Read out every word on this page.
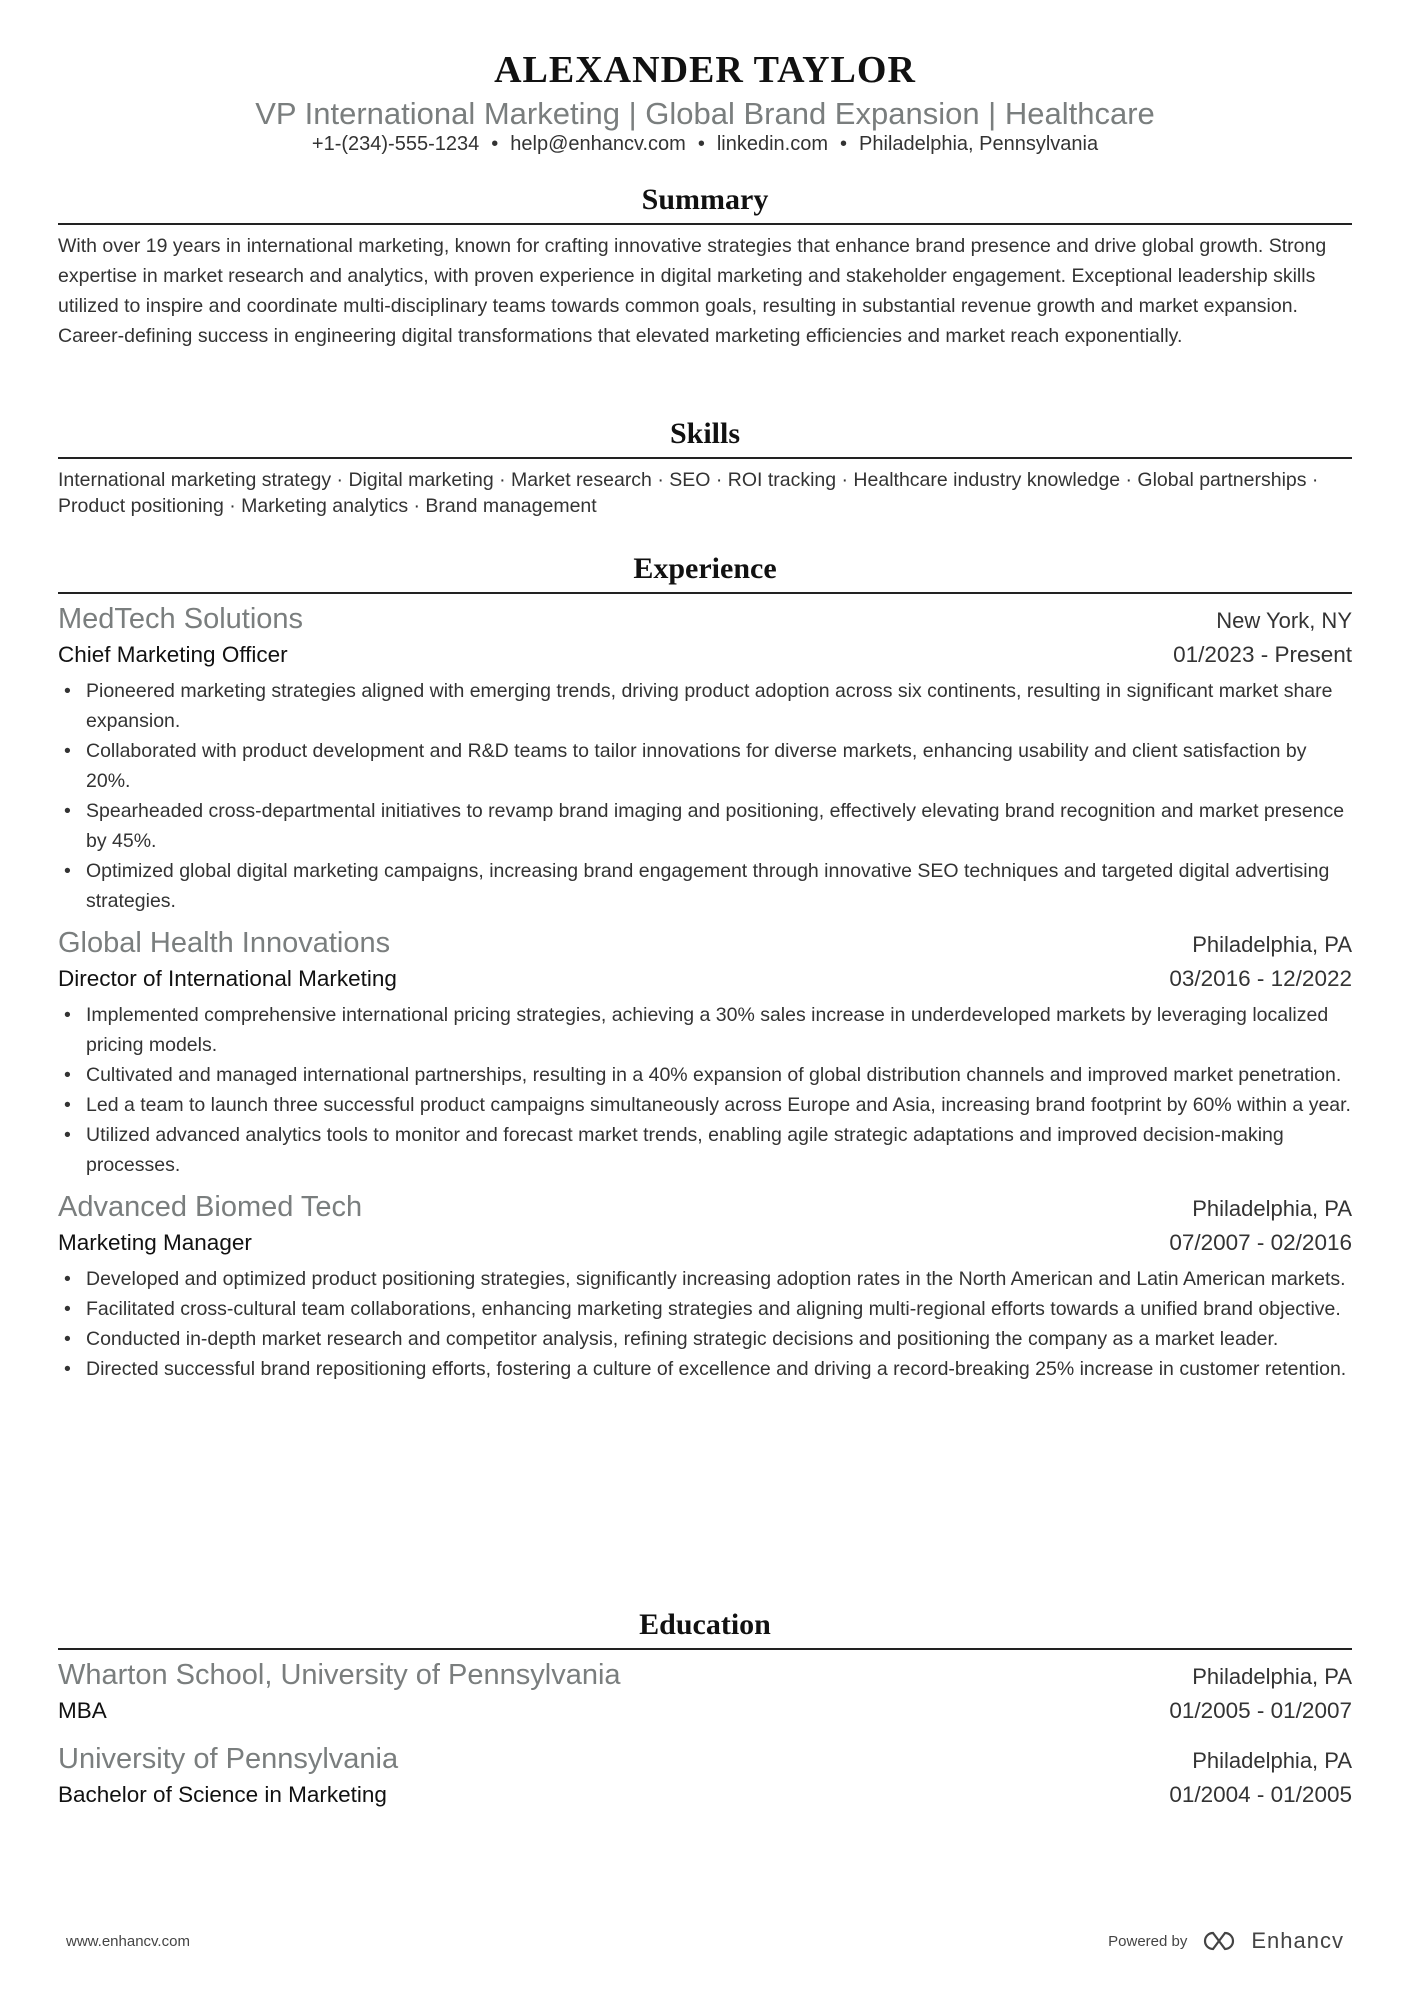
ALEXANDER TAYLOR
VP International Marketing | Global Brand Expansion | Healthcare
+1-(234)-555-1234 • help@enhancv.com • linkedin.com • Philadelphia, Pennsylvania
Summary
With over 19 years in international marketing, known for crafting innovative strategies that enhance brand presence and drive global growth. Strong expertise in market research and analytics, with proven experience in digital marketing and stakeholder engagement. Exceptional leadership skills utilized to inspire and coordinate multi-disciplinary teams towards common goals, resulting in substantial revenue growth and market expansion. Career-defining success in engineering digital transformations that elevated marketing efficiencies and market reach exponentially.
Skills
International marketing strategy · Digital marketing · Market research · SEO · ROI tracking · Healthcare industry knowledge · Global partnerships · Product positioning · Marketing analytics · Brand management
Experience
MedTech Solutions	New York, NY
Chief Marketing Officer	01/2023 - Present
• Pioneered marketing strategies aligned with emerging trends, driving product adoption across six continents, resulting in significant market share expansion.
• Collaborated with product development and R&D teams to tailor innovations for diverse markets, enhancing usability and client satisfaction by 20%.
• Spearheaded cross-departmental initiatives to revamp brand imaging and positioning, effectively elevating brand recognition and market presence by 45%.
• Optimized global digital marketing campaigns, increasing brand engagement through innovative SEO techniques and targeted digital advertising strategies.
Global Health Innovations	Philadelphia, PA
Director of International Marketing	03/2016 - 12/2022
• Implemented comprehensive international pricing strategies, achieving a 30% sales increase in underdeveloped markets by leveraging localized pricing models.
• Cultivated and managed international partnerships, resulting in a 40% expansion of global distribution channels and improved market penetration.
• Led a team to launch three successful product campaigns simultaneously across Europe and Asia, increasing brand footprint by 60% within a year.
• Utilized advanced analytics tools to monitor and forecast market trends, enabling agile strategic adaptations and improved decision-making processes.
Advanced Biomed Tech	Philadelphia, PA
Marketing Manager	07/2007 - 02/2016
• Developed and optimized product positioning strategies, significantly increasing adoption rates in the North American and Latin American markets.
• Facilitated cross-cultural team collaborations, enhancing marketing strategies and aligning multi-regional efforts towards a unified brand objective.
• Conducted in-depth market research and competitor analysis, refining strategic decisions and positioning the company as a market leader.
• Directed successful brand repositioning efforts, fostering a culture of excellence and driving a record-breaking 25% increase in customer retention.
Education
Wharton School, University of Pennsylvania	Philadelphia, PA
MBA	01/2005 - 01/2007
University of Pennsylvania	Philadelphia, PA
Bachelor of Science in Marketing	01/2004 - 01/2005
www.enhancv.com	Powered by	Enhancv
